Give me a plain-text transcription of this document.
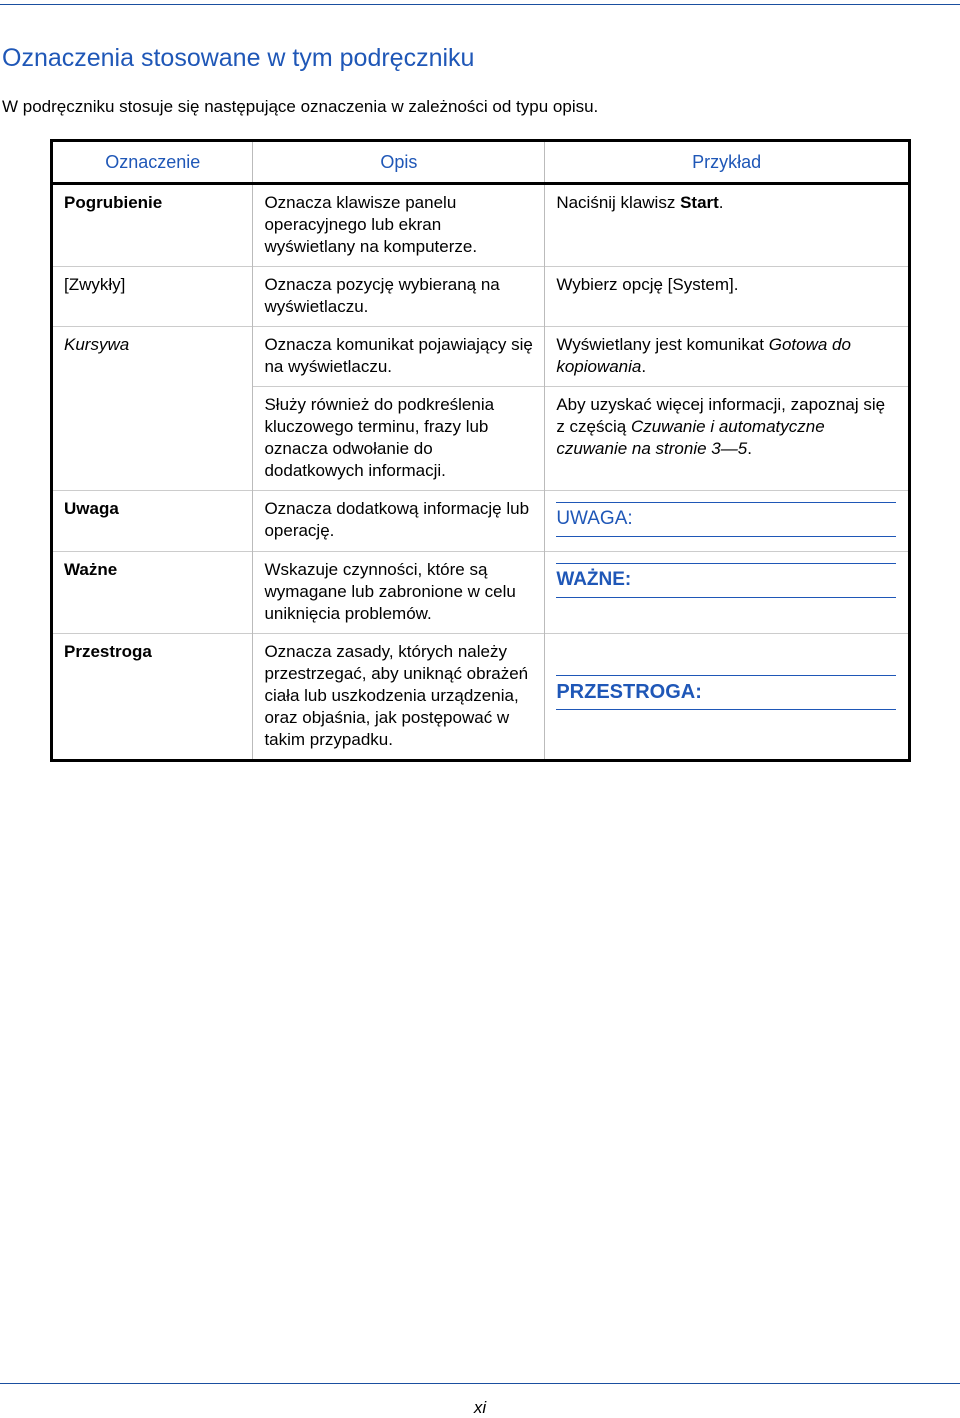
Oznaczenia stosowane w tym podręczniku

W podręczniku stosuje się następujące oznaczenia w zależności od typu opisu.

Oznaczenie	Opis	Przykład
Pogrubienie	Oznacza klawisze panelu operacyjnego lub ekran wyświetlany na komputerze.	Naciśnij klawisz Start.
[Zwykły]	Oznacza pozycję wybieraną na wyświetlaczu.	Wybierz opcję [System].
Kursywa	Oznacza komunikat pojawiający się na wyświetlaczu.	Wyświetlany jest komunikat Gotowa do kopiowania.
	Służy również do podkreślenia kluczowego terminu, frazy lub oznacza odwołanie do dodatkowych informacji.	Aby uzyskać więcej informacji, zapoznaj się z częścią Czuwanie i automatyczne czuwanie na stronie 3—5.
Uwaga	Oznacza dodatkową informację lub operację.	UWAGA:

Ważne	Wskazuje czynności, które są wymagane lub zabronione w celu uniknięcia problemów.	WAŻNE:

Przestroga	Oznacza zasady, których należy przestrzegać, aby uniknąć obrażeń ciała lub uszkodzenia urządzenia, oraz objaśnia, jak postępować w takim przypadku.	PRZESTROGA:
xi
